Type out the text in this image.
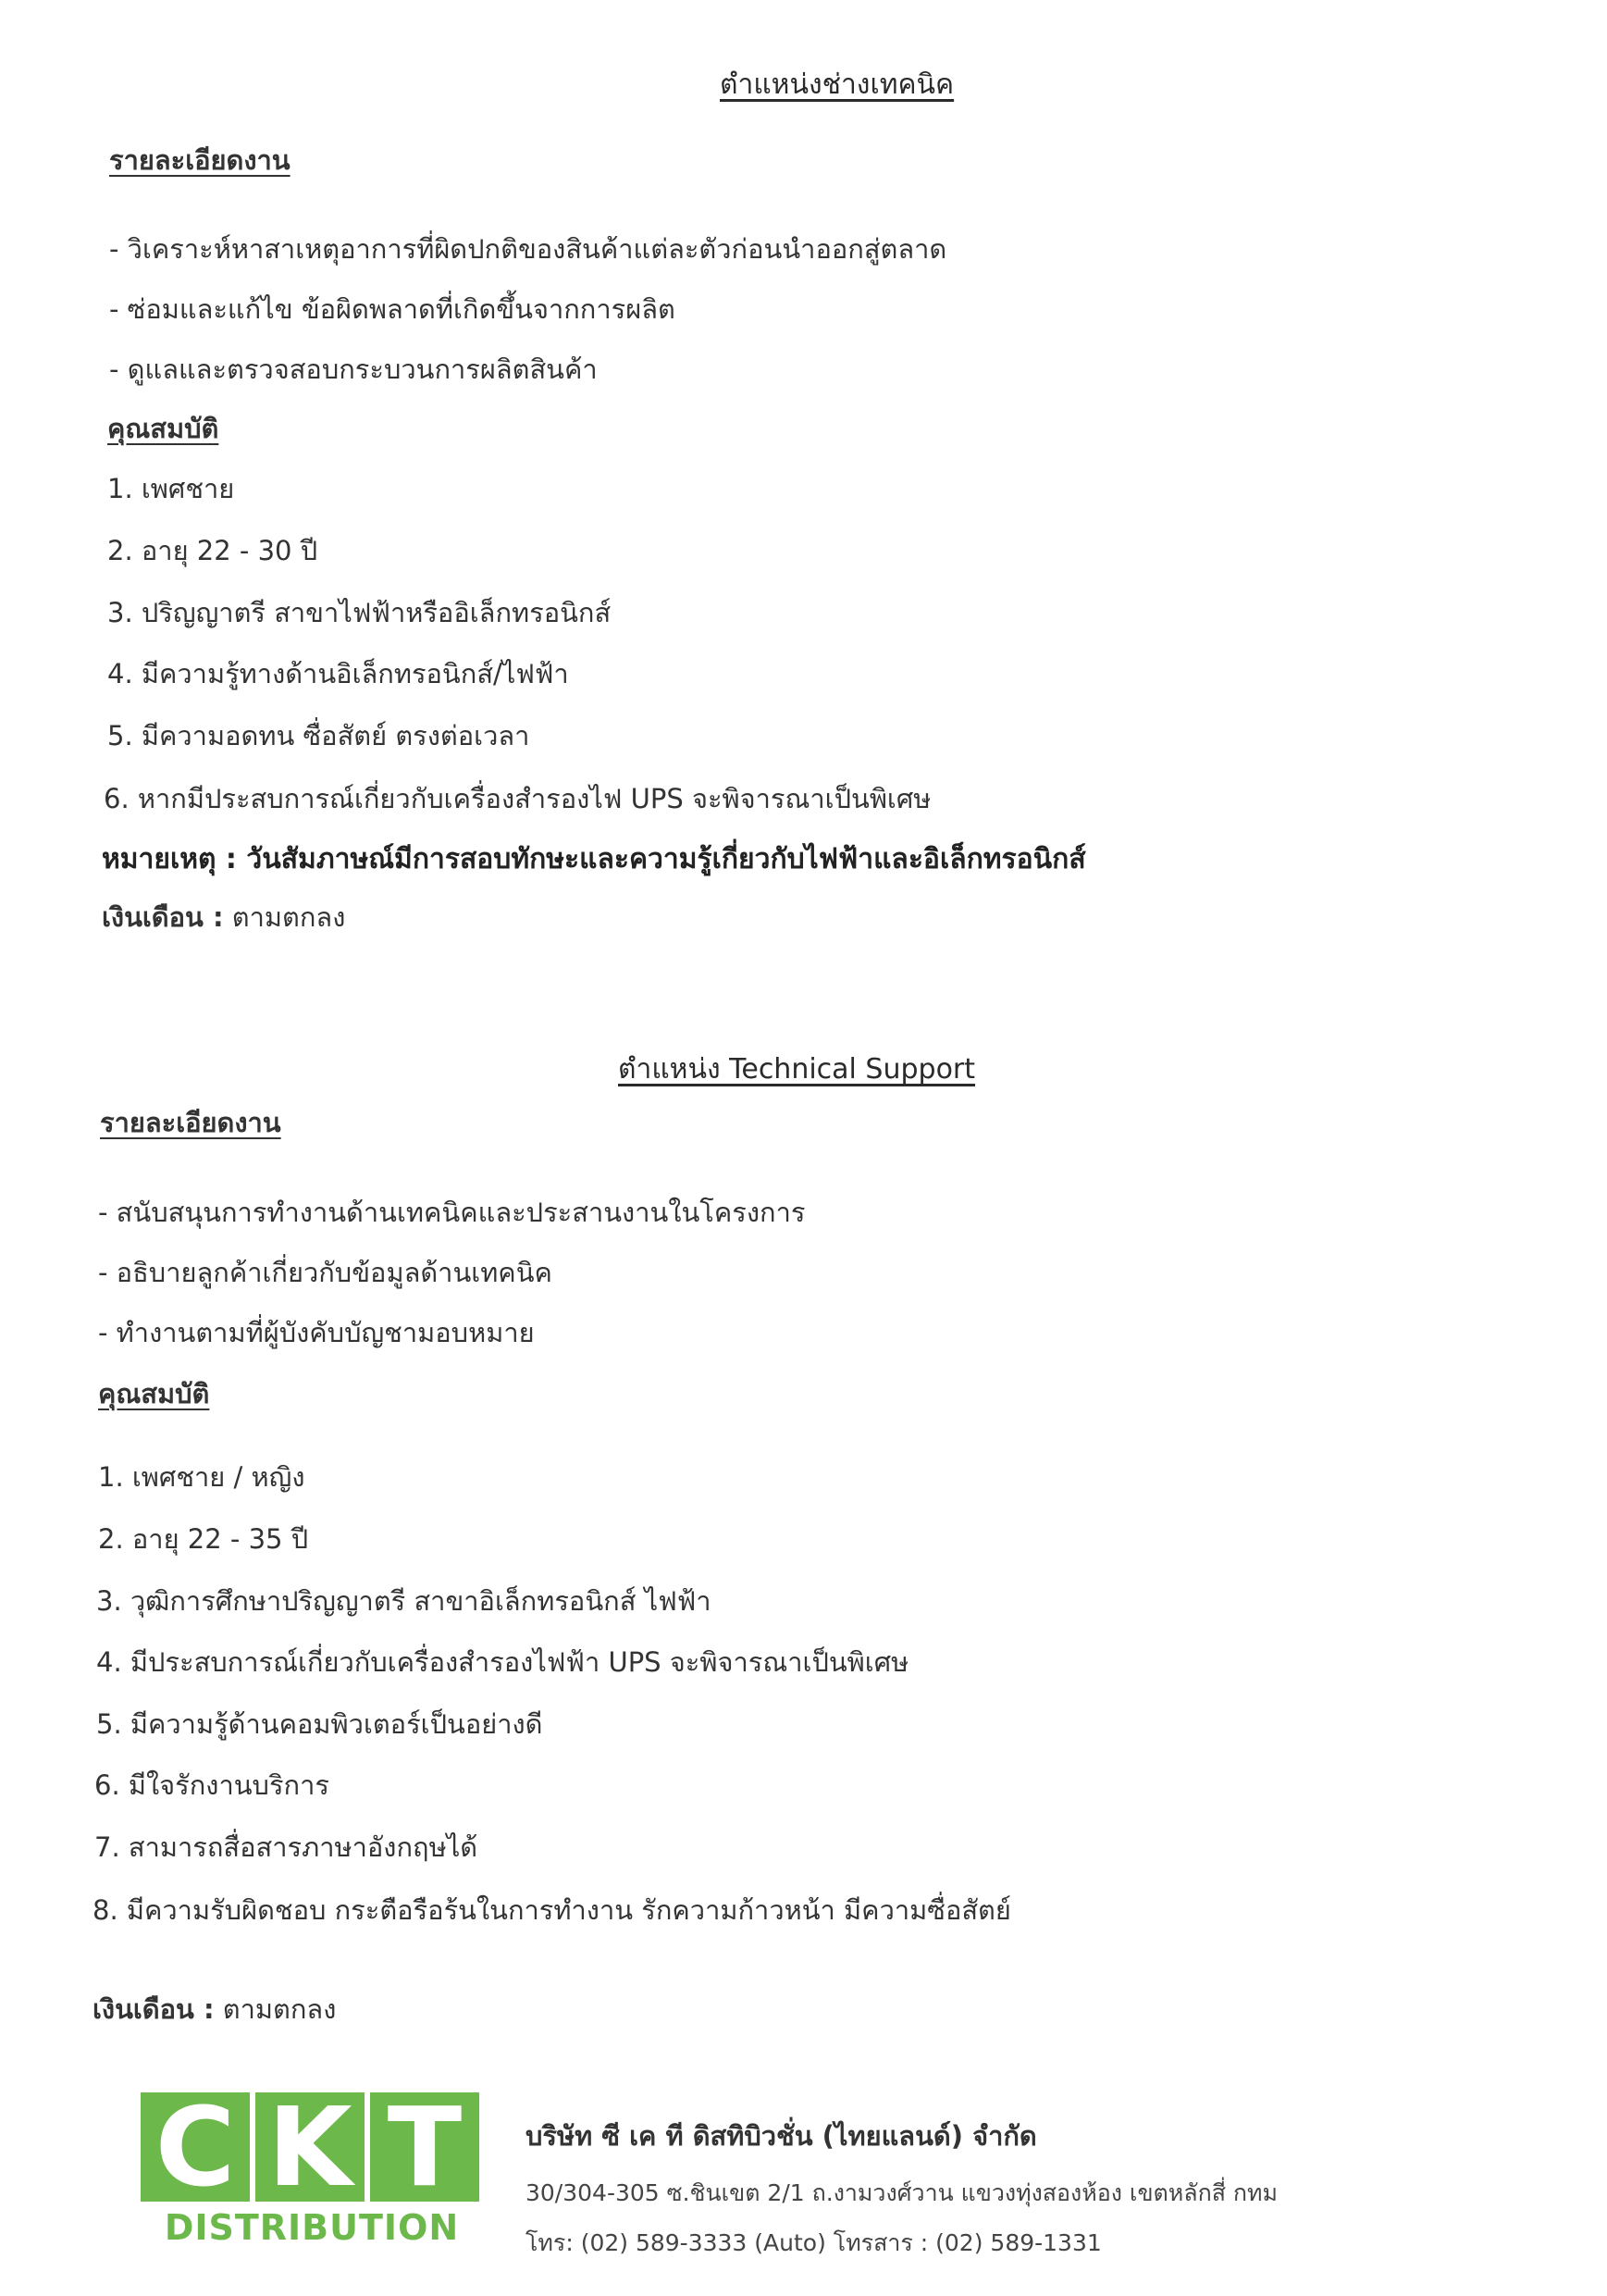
ตำแหน่งช่างเทคนิค
รายละเอียดงาน
- วิเคราะห์หาสาเหตุอาการที่ผิดปกติของสินค้าแต่ละตัวก่อนนำออกสู่ตลาด
- ซ่อมและแก้ไข ข้อผิดพลาดที่เกิดขึ้นจากการผลิต
- ดูแลและตรวจสอบกระบวนการผลิตสินค้า
คุณสมบัติ
1. เพศชาย
2. อายุ 22 - 30 ปี
3. ปริญญาตรี สาขาไฟฟ้าหรืออิเล็กทรอนิกส์
4. มีความรู้ทางด้านอิเล็กทรอนิกส์/ไฟฟ้า
5. มีความอดทน ซื่อสัตย์ ตรงต่อเวลา
6. หากมีประสบการณ์เกี่ยวกับเครื่องสำรองไฟ UPS จะพิจารณาเป็นพิเศษ
หมายเหตุ : วันสัมภาษณ์มีการสอบทักษะและความรู้เกี่ยวกับไฟฟ้าและอิเล็กทรอนิกส์
เงินเดือน : ตามตกลง
ตำแหน่ง Technical Support
รายละเอียดงาน
- สนับสนุนการทำงานด้านเทคนิคและประสานงานในโครงการ
- อธิบายลูกค้าเกี่ยวกับข้อมูลด้านเทคนิค
- ทำงานตามที่ผู้บังคับบัญชามอบหมาย
คุณสมบัติ
1. เพศชาย / หญิง
2. อายุ 22 - 35 ปี
3. วุฒิการศึกษาปริญญาตรี สาขาอิเล็กทรอนิกส์ ไฟฟ้า
4. มีประสบการณ์เกี่ยวกับเครื่องสำรองไฟฟ้า UPS จะพิจารณาเป็นพิเศษ
5. มีความรู้ด้านคอมพิวเตอร์เป็นอย่างดี
6. มีใจรักงานบริการ
7. สามารถสื่อสารภาษาอังกฤษได้
8. มีความรับผิดชอบ กระตือรือร้นในการทำงาน รักความก้าวหน้า มีความซื่อสัตย์
เงินเดือน : ตามตกลง
C K T
DISTRIBUTION
บริษัท ซี เค ที ดิสทิบิวชั่น (ไทยแลนด์) จำกัด
30/304-305 ซ.ชินเขต 2/1 ถ.งามวงศ์วาน แขวงทุ่งสองห้อง เขตหลักสี่ กทม
โทร: (02) 589-3333 (Auto) โทรสาร : (02) 589-1331
